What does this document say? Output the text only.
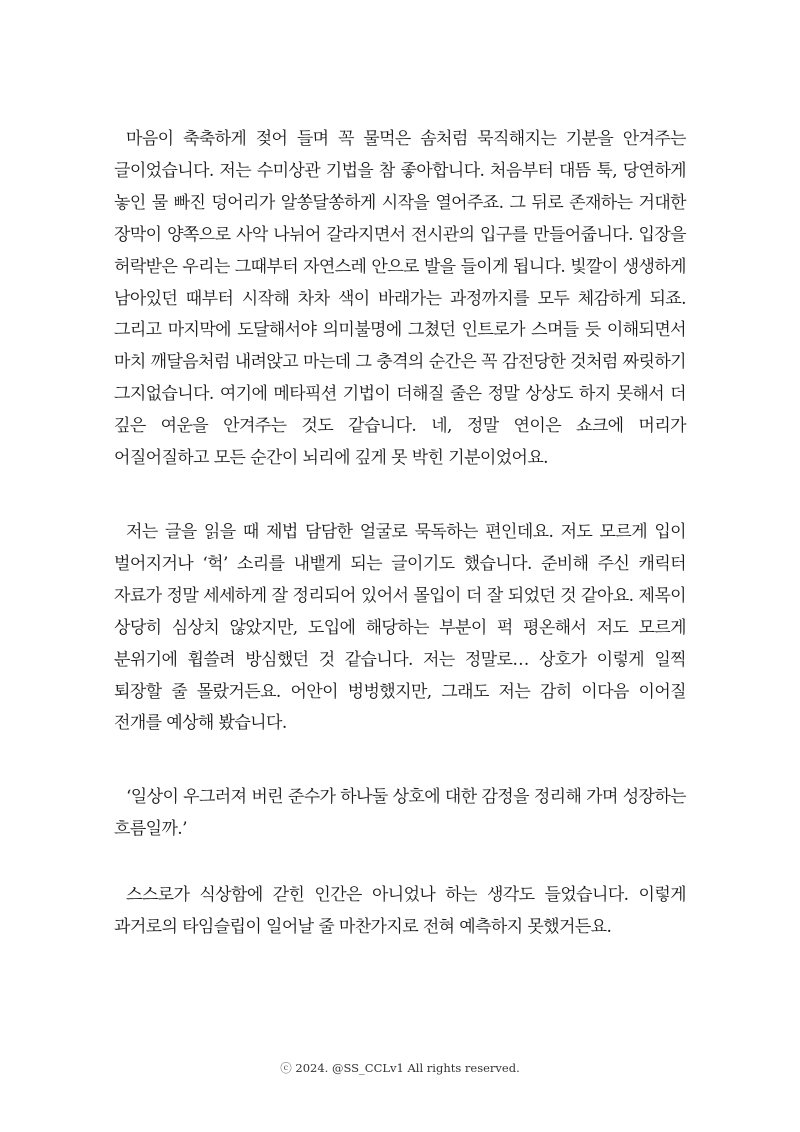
마음이 축축하게 젖어 들며 꼭 물먹은 솜처럼 묵직해지는 기분을 안겨주는 글이었습니다. 저는 수미상관 기법을 참 좋아합니다. 처음부터 대뜸 툭, 당연하게 놓인 물 빠진 덩어리가 알쏭달쏭하게 시작을 열어주죠. 그 뒤로 존재하는 거대한 장막이 양쪽으로 사악 나뉘어 갈라지면서 전시관의 입구를 만들어줍니다. 입장을 허락받은 우리는 그때부터 자연스레 안으로 발을 들이게 됩니다. 빛깔이 생생하게 남아있던 때부터 시작해 차차 색이 바래가는 과정까지를 모두 체감하게 되죠. 그리고 마지막에 도달해서야 의미불명에 그쳤던 인트로가 스며들 듯 이해되면서 마치 깨달음처럼 내려앉고 마는데 그 충격의 순간은 꼭 감전당한 것처럼 짜릿하기 그지없습니다. 여기에 메타픽션 기법이 더해질 줄은 정말 상상도 하지 못해서 더 깊은 여운을 안겨주는 것도 같습니다. 네, 정말 연이은 쇼크에 머리가 어질어질하고 모든 순간이 뇌리에 깊게 못 박힌 기분이었어요.

저는 글을 읽을 때 제법 담담한 얼굴로 묵독하는 편인데요. 저도 모르게 입이 벌어지거나 ‘헉’ 소리를 내뱉게 되는 글이기도 했습니다. 준비해 주신 캐릭터 자료가 정말 세세하게 잘 정리되어 있어서 몰입이 더 잘 되었던 것 같아요. 제목이 상당히 심상치 않았지만, 도입에 해당하는 부분이 퍽 평온해서 저도 모르게 분위기에 휩쓸려 방심했던 것 같습니다. 저는 정말로… 상호가 이렇게 일찍 퇴장할 줄 몰랐거든요. 어안이 벙벙했지만, 그래도 저는 감히 이다음 이어질 전개를 예상해 봤습니다.

‘일상이 우그러져 버린 준수가 하나둘 상호에 대한 감정을 정리해 가며 성장하는 흐름일까.’

스스로가 식상함에 갇힌 인간은 아니었나 하는 생각도 들었습니다. 이렇게 과거로의 타임슬립이 일어날 줄 마찬가지로 전혀 예측하지 못했거든요.

ⓒ 2024. @SS_CCLv1 All rights reserved.
